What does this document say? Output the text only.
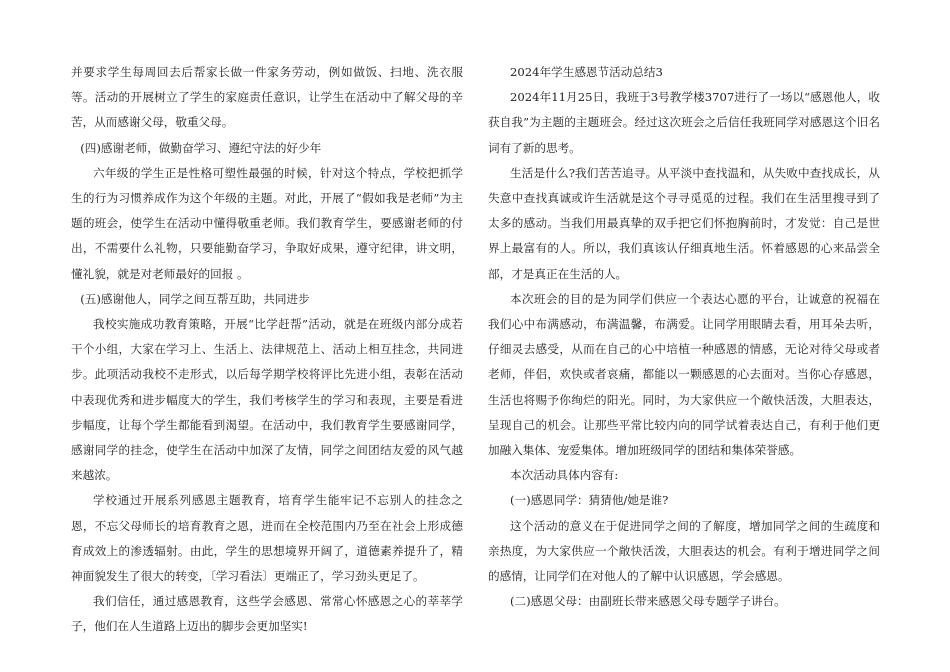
并要求学生每周回去后帮家长做一件家务劳动，例如做饭、扫地、洗衣服等。活动的开展树立了学生的家庭责任意识，让学生在活动中了解父母的辛苦，从而感谢父母，敬重父母。

(四)感谢老师，做勤奋学习、遵纪守法的好少年

六年级的学生正是性格可塑性最强的时候，针对这个特点，学校把抓学生的行为习惯养成作为这个年级的主题。对此，开展了“假如我是老师”为主题的班会，使学生在活动中懂得敬重老师。我们教育学生，要感谢老师的付出，不需要什么礼物，只要能勤奋学习，争取好成果，遵守纪律，讲文明，懂礼貌，就是对老师最好的回报 。

(五)感谢他人，同学之间互帮互助，共同进步

我校实施成功教育策略，开展“比学赶帮”活动，就是在班级内部分成若干个小组，大家在学习上、生活上、法律规范上、活动上相互挂念，共同进步。此项活动我校不走形式，以后每学期学校将评比先进小组，表彰在活动中表现优秀和进步幅度大的学生，我们考核学生的学习和表现，主要是看进步幅度，让每个学生都能看到渴望。在活动中，我们教育学生要感谢同学，感谢同学的挂念，使学生在活动中加深了友情，同学之间团结友爱的风气越来越浓。

学校通过开展系列感恩主题教育，培育学生能牢记不忘别人的挂念之恩，不忘父母师长的培育教育之恩，进而在全校范围内乃至在社会上形成德育成效上的渗透辐射。由此，学生的思想境界开阔了，道德素养提升了，精神面貌发生了很大的转变，〔学习看法〕更端正了，学习劲头更足了。

我们信任，通过感恩教育，这些学会感恩、常常心怀感恩之心的莘莘学子，他们在人生道路上迈出的脚步会更加坚实!

2024年学生感恩节活动总结3

2024年11月25日，我班于3号教学楼3707进行了一场以“感恩他人，收获自我”为主题的主题班会。经过这次班会之后信任我班同学对感恩这个旧名词有了新的思考。

生活是什么?我们苦苦追寻。从平淡中查找温和，从失败中查找成长，从失意中查找真诚或许生活就是这个寻寻觅觅的过程。我们在生活里搜寻到了太多的感动。当我们用最真挚的双手把它们怀抱胸前时，才发觉：自己是世界上最富有的人。所以，我们真该认仔细真地生活。怀着感恩的心来品尝全部，才是真正在生活的人。

本次班会的目的是为同学们供应一个表达心愿的平台，让诚意的祝福在我们心中布满感动，布满温馨，布满爱。让同学用眼睛去看，用耳朵去听，仔细灵去感受，从而在自己的心中培植一种感恩的情感，无论对待父母或者老师，伴侣，欢快或者哀痛，都能以一颗感恩的心去面对。当你心存感恩，生活也将赐予你绚烂的阳光。同时，为大家供应一个敞快活泼，大胆表达，呈现自己的机会。让那些平常比较内向的同学试着表达自己，有利于他们更加融入集体、宠爱集体。增加班级同学的团结和集体荣誉感。

本次活动具体内容有:

(一)感恩同学：猜猜他/她是谁?

这个活动的意义在于促进同学之间的了解度，增加同学之间的生疏度和亲热度，为大家供应一个敞快活泼，大胆表达的机会。有利于增进同学之间的感情，让同学们在对他人的了解中认识感恩，学会感恩。

(二)感恩父母：由副班长带来感恩父母专题学子讲台。
